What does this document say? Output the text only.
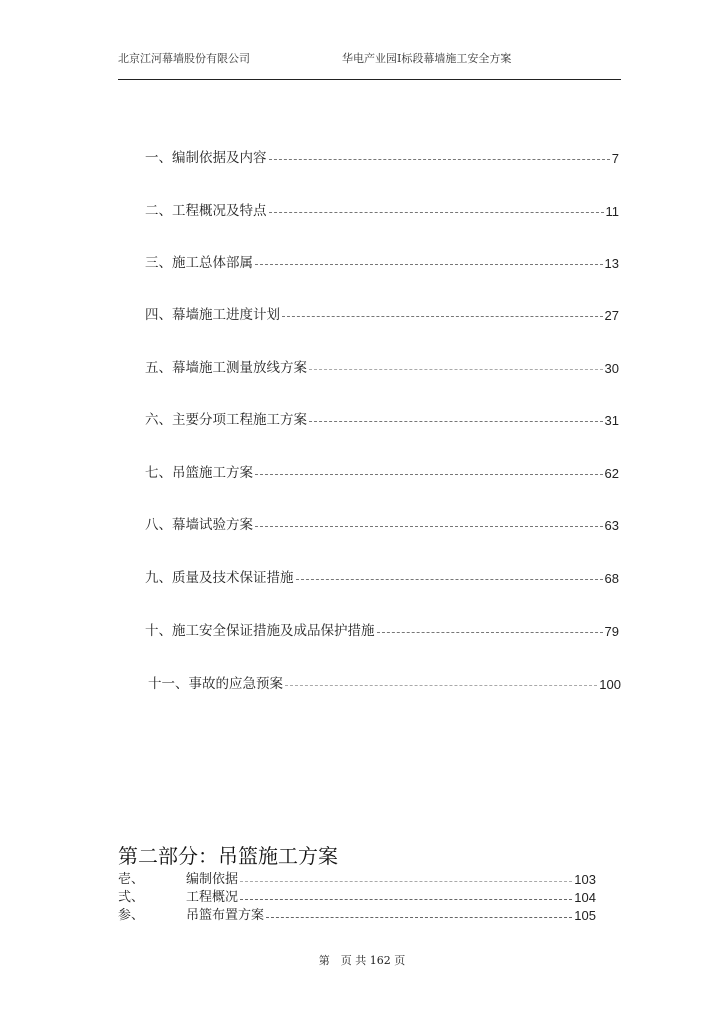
北京江河幕墙股份有限公司	华电产业园Ⅰ标段幕墙施工安全方案
一、编制依据及内容	7
二、工程概况及特点	11
三、施工总体部属	13
四、幕墙施工进度计划	27
五、幕墙施工测量放线方案	30
六、主要分项工程施工方案	31
七、吊篮施工方案	62
八、幕墙试验方案	63
九、质量及技术保证措施	68
十、施工安全保证措施及成品保护措施	79
十一、事故的应急预案	100
第二部分：吊篮施工方案
壱、	编制依据	103
弍、	工程概况	104
参、	吊篮布置方案	105
第　页 共 162 页
